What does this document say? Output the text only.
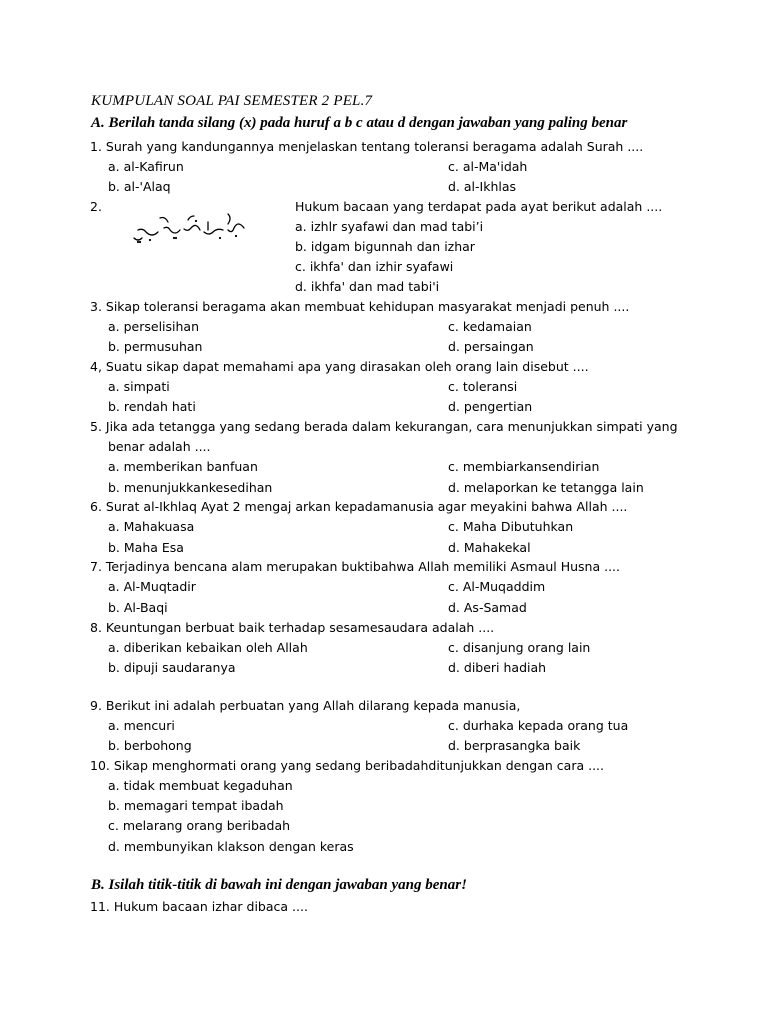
KUMPULAN SOAL PAI SEMESTER 2 PEL.7
A. Berilah tanda silang (x) pada huruf a b c atau d dengan jawaban yang paling benar
1. Surah yang kandungannya menjelaskan tentang toleransi beragama adalah Surah ....
a. al-Kafirun	c. al-Ma'idah
b. al-'Alaq	d. al-Ikhlas
2.	Hukum bacaan yang terdapat pada ayat berikut adalah ....
a. izhlr syafawi dan mad tabi’i
b. idgam bigunnah dan izhar
c. ikhfa' dan izhir syafawi
d. ikhfa' dan mad tabi'i
3. Sikap toleransi beragama akan membuat kehidupan masyarakat menjadi penuh ....
a. perselisihan	c. kedamaian
b. permusuhan	d. persaingan
4, Suatu sikap dapat memahami apa yang dirasakan oleh orang lain disebut ....
a. simpati	c. toleransi
b. rendah hati	d. pengertian
5. Jika ada tetangga yang sedang berada dalam kekurangan, cara menunjukkan simpati yang
benar adalah ....
a. memberikan banfuan	c. membiarkansendirian
b. menunjukkankesedihan	d. melaporkan ke tetangga lain
6. Surat al-Ikhlaq Ayat 2 mengaj arkan kepadamanusia agar meyakini bahwa Allah ....
a. Mahakuasa	c. Maha Dibutuhkan
b. Maha Esa	d. Mahakekal
7. Terjadinya bencana alam merupakan buktibahwa Allah memiliki Asmaul Husna ....
a. Al-Muqtadir	c. Al-Muqaddim
b. Al-Baqi	d. As-Samad
8. Keuntungan berbuat baik terhadap sesamesaudara adalah ....
a. diberikan kebaikan oleh Allah	c. disanjung orang lain
b. dipuji saudaranya	d. diberi hadiah
9. Berikut ini adalah perbuatan yang Allah dilarang kepada manusia,
a. mencuri	c. durhaka kepada orang tua
b. berbohong	d. berprasangka baik
10. Sikap menghormati orang yang sedang beribadahditunjukkan dengan cara ....
a. tidak membuat kegaduhan
b. memagari tempat ibadah
c. melarang orang beribadah
d. membunyikan klakson dengan keras
B. Isilah titik-titik di bawah ini dengan jawaban yang benar!
11. Hukum bacaan izhar dibaca ....
